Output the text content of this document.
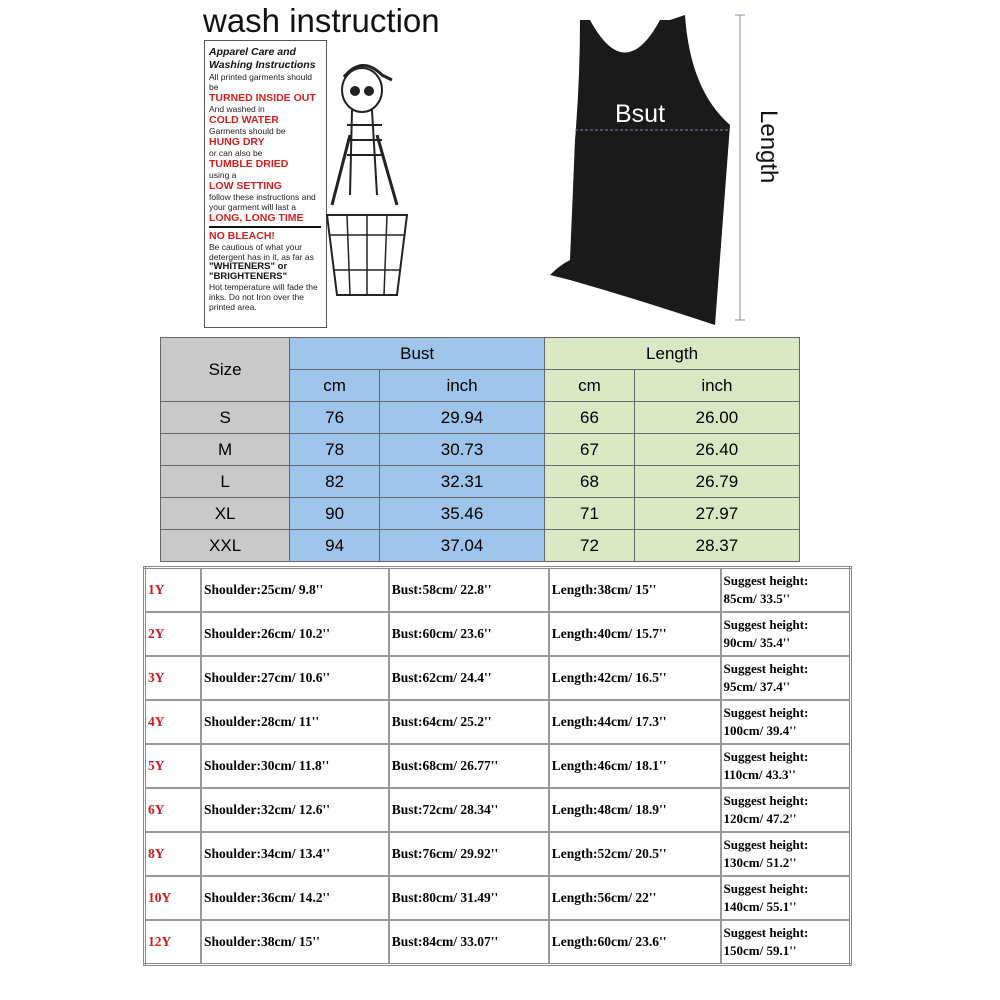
wash instruction
Apparel Care and
Washing Instructions
All printed garments should be
TURNED INSIDE OUT
And washed in
COLD WATER
Garments should be
HUNG DRY
or can also be
TUMBLE DRIED
using a
LOW SETTING
follow these instructions and
your garment will last a
LONG, LONG TIME
NO BLEACH!
Be cautious of what your
detergent has in it, as far as
"WHITENERS" or
"BRIGHTENERS"
Hot temperature will fade the
inks. Do not Iron over the
printed area.
Bsut	Length
Size	Bust		Length	
	cm	inch	cm	inch
S	76	29.94	66	26.00
M	78	30.73	67	26.40
L	82	32.31	68	26.79
XL	90	35.46	71	27.97
XXL	94	37.04	72	28.37
1Y	Shoulder:25cm/ 9.8''	Bust:58cm/ 22.8''	Length:38cm/ 15''	Suggest height:
85cm/ 33.5''

2Y	Shoulder:26cm/ 10.2''	Bust:60cm/ 23.6''	Length:40cm/ 15.7''	Suggest height:
90cm/ 35.4''

3Y	Shoulder:27cm/ 10.6''	Bust:62cm/ 24.4''	Length:42cm/ 16.5''	Suggest height:
95cm/ 37.4''

4Y	Shoulder:28cm/ 11''	Bust:64cm/ 25.2''	Length:44cm/ 17.3''	Suggest height:
100cm/ 39.4''

5Y	Shoulder:30cm/ 11.8''	Bust:68cm/ 26.77''	Length:46cm/ 18.1''	Suggest height:
110cm/ 43.3''

6Y	Shoulder:32cm/ 12.6''	Bust:72cm/ 28.34''	Length:48cm/ 18.9''	Suggest height:
120cm/ 47.2''

8Y	Shoulder:34cm/ 13.4''	Bust:76cm/ 29.92''	Length:52cm/ 20.5''	Suggest height:
130cm/ 51.2''

10Y	Shoulder:36cm/ 14.2''	Bust:80cm/ 31.49''	Length:56cm/ 22''	Suggest height:
140cm/ 55.1''

12Y	Shoulder:38cm/ 15''	Bust:84cm/ 33.07''	Length:60cm/ 23.6''	Suggest height:
150cm/ 59.1''
